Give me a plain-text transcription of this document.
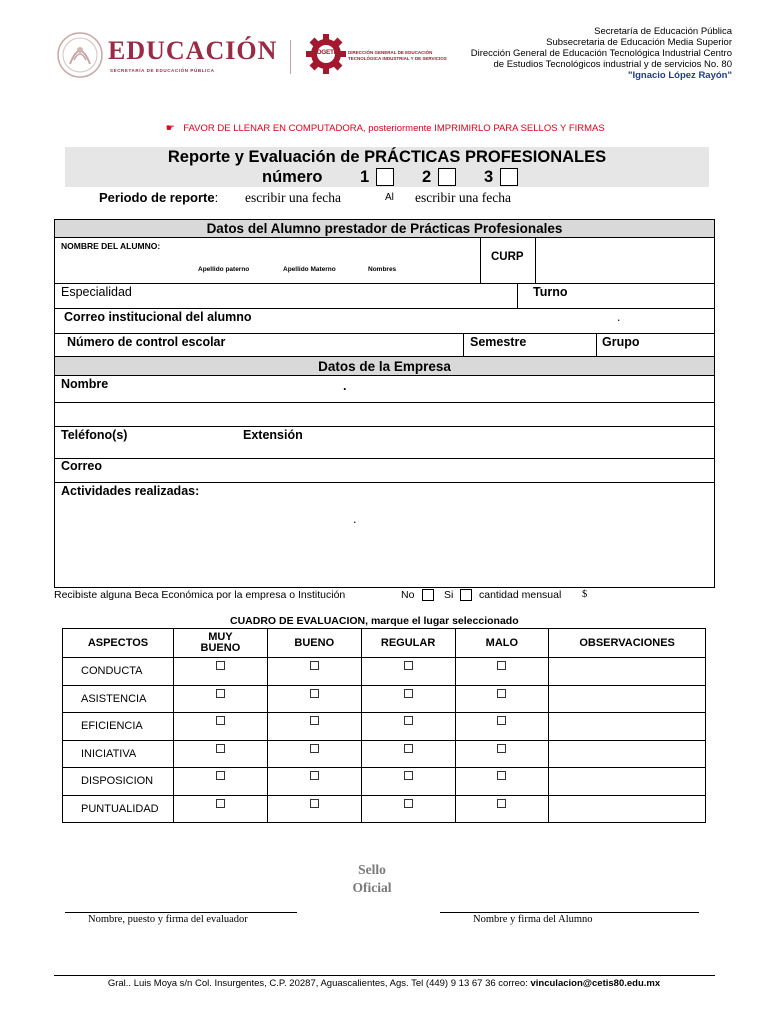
EDUCACIÓN
SECRETARÍA DE EDUCACIÓN PÚBLICA
DGETI	DIRECCIÓN GENERAL DE EDUCACIÓN
TECNOLÓGICA INDUSTRIAL Y DE SERVICIOS
Secretaría de Educación Pública
Subsecretaria de Educación Media Superior
Dirección General de Educación Tecnológica Industrial Centro
de Estudios Tecnológicos industrial y de servicios No. 80
"Ignacio López Rayón"
☛ FAVOR DE LLENAR EN COMPUTADORA, posteriormente IMPRIMIRLO PARA SELLOS Y FIRMAS
Reporte y Evaluación de PRÁCTICAS PROFESIONALES
número 1	2	3
Periodo de reporte: escribir una fecha	Al escribir una fecha
Datos del Alumno prestador de Prácticas Profesionales
NOMBRE DEL ALUMNO:
Apellido paterno	Apellido Materno	Nombres
CURP
Especialidad	Turno
Correo institucional del alumno	.
Número de control escolar	Semestre	Grupo
Datos de la Empresa
Nombre	.
Teléfono(s)	Extensión
Correo
Actividades realizadas:
.
Recibiste alguna Beca Económica por la empresa o Institución	No	Si cantidad mensual $
CUADRO DE EVALUACION, marque el lugar seleccionado
ASPECTOS	MUY BUENO	BUENO	REGULAR	MALO	OBSERVACIONES
CONDUCTA					
ASISTENCIA					
EFICIENCIA					
INICIATIVA					
DISPOSICION					
PUNTUALIDAD					
Sello
Oficial
Nombre, puesto y firma del evaluador	Nombre y firma del Alumno
Gral.. Luis Moya s/n Col. Insurgentes, C.P. 20287, Aguascalientes, Ags. Tel (449) 9 13 67 36 correo: vinculacion@cetis80.edu.mx
